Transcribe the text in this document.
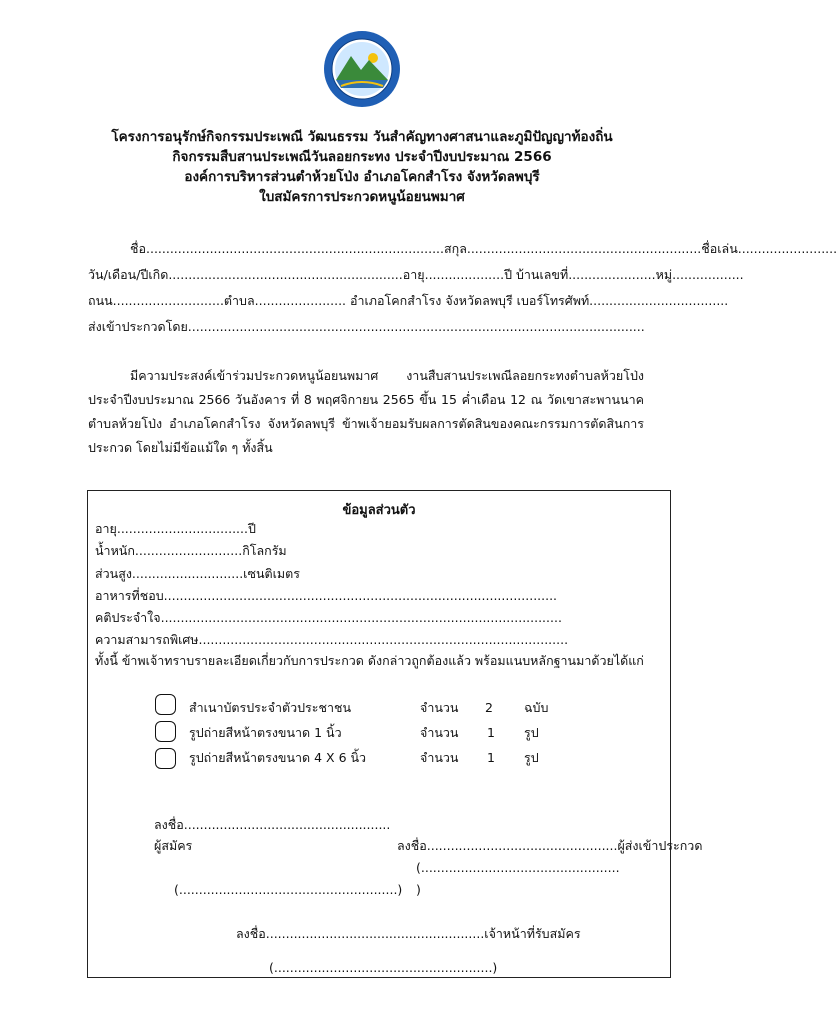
โครงการอนุรักษ์กิจกรรมประเพณี วัฒนธรรม วันสำคัญทางศาสนาและภูมิปัญญาท้องถิ่น
กิจกรรมสืบสานประเพณีวันลอยกระทง ประจำปีงบประมาณ 2566
องค์การบริหารส่วนตำห้วยโป่ง อำเภอโคกสำโรง จังหวัดลพบุรี
ใบสมัครการประกวดหนูน้อยนพมาศ
ชื่อ...........................................................................สกุล...........................................................ชื่อเล่น.........................
วัน/เดือน/ปีเกิด...........................................................อายุ....................ปี บ้านเลขที่......................หมู่..................
ถนน............................ตำบล....................... อำเภอโคกสำโรง จังหวัดลพบุรี เบอร์โทรศัพท์...................................
ส่งเข้าประกวดโดย...................................................................................................................

มีความประสงค์เข้าร่วมประกวดหนูน้อยนพมาศ งานสืบสานประเพณีลอยกระทงตำบลห้วยโป่ง ประจำปีงบประมาณ 2566 วันอังคาร ที่ 8 พฤศจิกายน 2565 ขึ้น 15 ค่ำเดือน 12 ณ วัดเขาสะพานนาค ตำบลห้วยโป่ง อำเภอโคกสำโรง จังหวัดลพบุรี ข้าพเจ้ายอมรับผลการตัดสินของคณะกรรมการตัดสินการประกวด โดยไม่มีข้อแม้ใด ๆ ทั้งสิ้น

ข้อมูลส่วนตัว
อายุ.................................ปี
น้ำหนัก...........................กิโลกรัม
ส่วนสูง............................เซนติเมตร
อาหารที่ชอบ...................................................................................................
คติประจำใจ.....................................................................................................
ความสามารถพิเศษ.............................................................................................
ทั้งนี้ ข้าพเจ้าทราบรายละเอียดเกี่ยวกับการประกวด ดังกล่าวถูกต้องแล้ว พร้อมแนบหลักฐานมาด้วยได้แก่
สำเนาบัตรประจำตัวประชาชน	จำนวน 2 ฉบับ
รูปถ่ายสีหน้าตรงขนาด 1 นิ้ว	จำนวน 1 รูป
รูปถ่ายสีหน้าตรงขนาด 4 X 6 นิ้ว	จำนวน 1 รูป
ลงชื่อ....................................................
ผู้สมัคร
(.......................................................)
ลงชื่อ................................................ผู้ส่งเข้าประกวด
(..................................................
)
ลงชื่อ.......................................................เจ้าหน้าที่รับสมัคร
(.......................................................)
